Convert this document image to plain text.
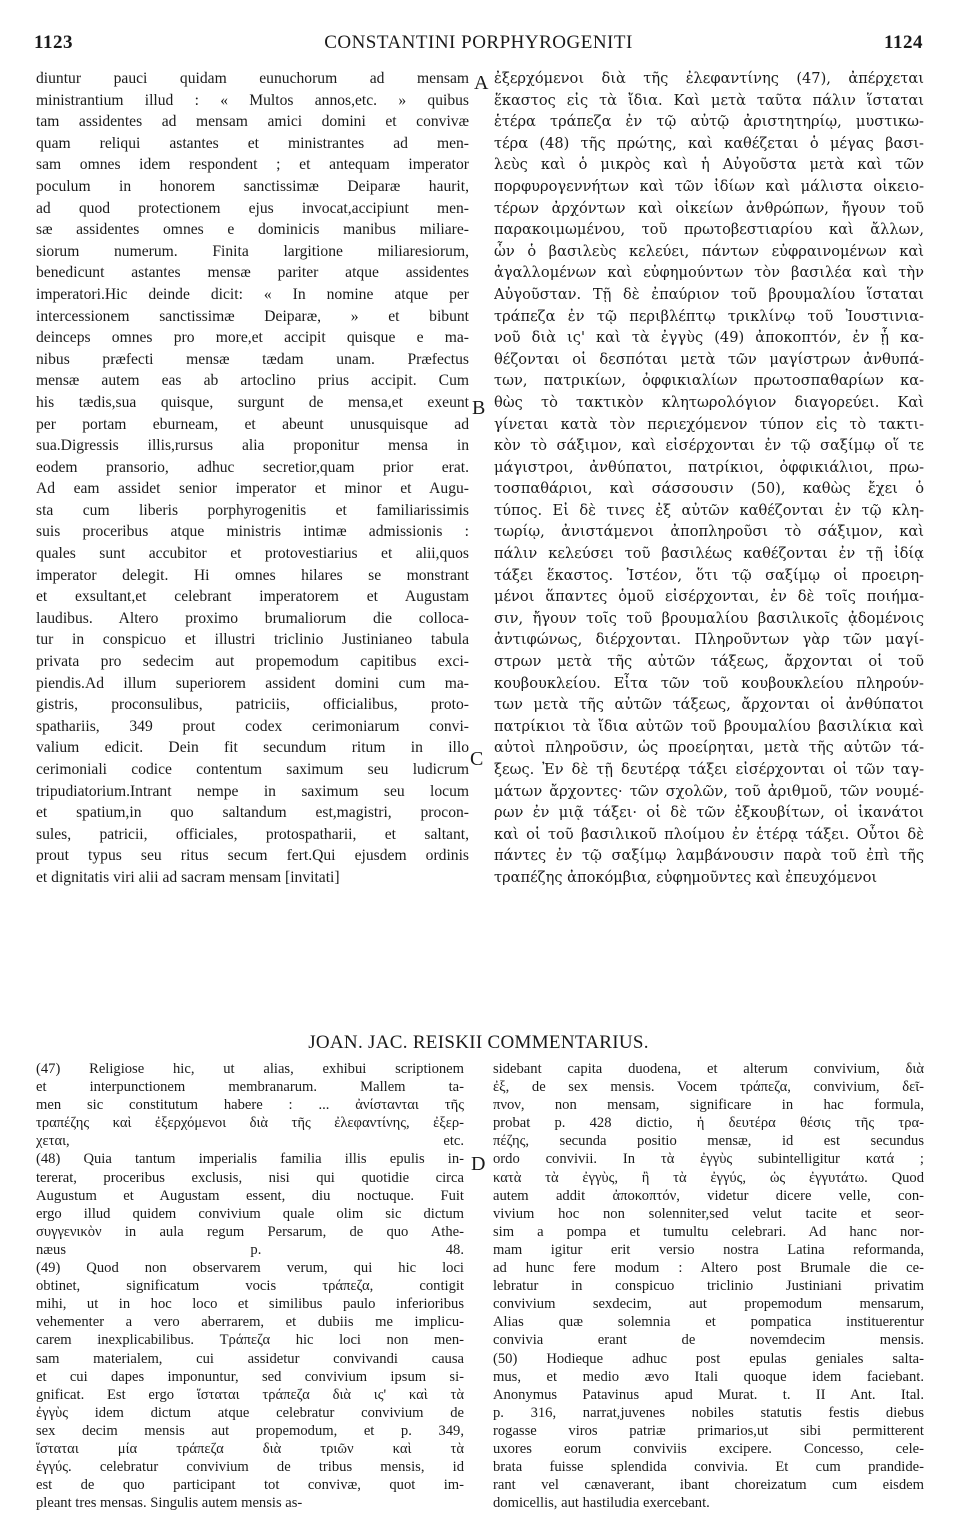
1123	CONSTANTINI PORPHYROGENITI	1124
diuntur pauci quidam eunuchorum ad mensam
ministrantium illud : « Multos annos,etc. » quibus
tam assidentes ad mensam amici domini et convivæ
quam reliqui astantes et ministrantes ad men-
sam omnes idem respondent ; et antequam imperator
poculum in honorem sanctissimæ Deiparæ haurit,
ad quod protectionem ejus invocat,accipiunt men-
sæ assidentes omnes e dominicis manibus miliare-
siorum numerum. Finita largitione miliaresiorum,
benedicunt astantes mensæ pariter atque assidentes
imperatori.Hic deinde dicit: « In nomine atque per
intercessionem sanctissimæ Deiparæ, » et bibunt
deinceps omnes pro more,et accipit quisque e ma-
nibus præfecti mensæ tædam unam. Præfectus
mensæ autem eas ab artoclino prius accipit. Cum
his tædis,sua quisque, surgunt de mensa,et exeunt
per portam eburneam, et abeunt unusquisque ad
sua.Digressis illis,rursus alia proponitur mensa in
eodem pransorio, adhuc secretior,quam prior erat.
Ad eam assidet senior imperator et minor et Augu-
sta cum liberis porphyrogenitis et familiarissimis
suis proceribus atque ministris intimæ admissionis :
quales sunt accubitor et protovestiarius et alii,quos
imperator delegit. Hi omnes hilares se monstrant
et exsultant,et celebrant imperatorem et Augustam
laudibus. Altero proximo brumaliorum die colloca-
tur in conspicuo et illustri triclinio Justinianeo tabula
privata pro sedecim aut propemodum capitibus exci-
piendis.Ad illum superiorem assident domini cum ma-
gistris, proconsulibus, patriciis, officialibus, proto-
spathariis, 349 prout codex cerimoniarum convi-
valium edicit. Dein fit secundum ritum in illo
cerimoniali codice contentum saximum seu ludicrum
tripudiatorium.Intrant nempe in saximum seu locum
et spatium,in quo saltandum est,magistri, procon-
sules, patricii, officiales, protospatharii, et saltant,
prout typus seu ritus secum fert.Qui ejusdem ordinis
et dignitatis viri alii ad sacram mensam [invitati]
ἐξερχόμενοι διὰ τῆς ἐλεφαντίνης (47), ἀπέρχεται
ἕκαστος εἰς τὰ ἴδια. Καὶ μετὰ ταῦτα πάλιν ἵσταται
ἑτέρα τράπεζα ἐν τῷ αὐτῷ ἀριστητηρίῳ, μυστικω-
τέρα (48) τῆς πρώτης, καὶ καθέζεται ὁ μέγας βασι-
λεὺς καὶ ὁ μικρὸς καὶ ἡ Αὐγοῦστα μετὰ καὶ τῶν
πορφυρογεννήτων καὶ τῶν ἰδίων καὶ μάλιστα οἰκειο-
τέρων ἀρχόντων καὶ οἰκείων ἀνθρώπων, ἤγουν τοῦ
παρακοιμωμένου, τοῦ πρωτοβεστιαρίου καὶ ἄλλων,
ὧν ὁ βασιλεὺς κελεύει, πάντων εὐφραινομένων καὶ
ἀγαλλομένων καὶ εὐφημούντων τὸν βασιλέα καὶ τὴν
Αὐγοῦσταν. Τῇ δὲ ἐπαύριον τοῦ βρουμαλίου ἵσταται
τράπεζα ἐν τῷ περιβλέπτῳ τρικλίνῳ τοῦ Ἰουστινια-
νοῦ διὰ ις' καὶ τὰ ἐγγὺς (49) ἀποκοπτόν, ἐν ᾗ κα-
θέζονται οἱ δεσπόται μετὰ τῶν μαγίστρων ἀνθυπά-
των, πατρικίων, ὀφφικιαλίων πρωτοσπαθαρίων κα-
θὼς τὸ τακτικὸν κλητωρολόγιον διαγορεύει. Καὶ
γίνεται κατὰ τὸν περιεχόμενον τύπον εἰς τὸ τακτι-
κὸν τὸ σάξιμον, καὶ εἰσέρχονται ἐν τῷ σαξίμῳ οἵ τε
μάγιστροι, ἀνθύπατοι, πατρίκιοι, ὀφφικιάλιοι, πρω-
τοσπαθάριοι, καὶ σάσσουσιν (50), καθὼς ἔχει ὁ
τύπος. Εἰ δὲ τινες ἐξ αὐτῶν καθέζονται ἐν τῷ κλη-
τωρίῳ, ἀνιστάμενοι ἀποπληροῦσι τὸ σάξιμον, καὶ
πάλιν κελεύσει τοῦ βασιλέως καθέζονται ἐν τῇ ἰδίᾳ
τάξει ἕκαστος. Ἰστέον, ὅτι τῷ σαξίμῳ οἱ προειρη-
μένοι ἅπαντες ὁμοῦ εἰσέρχονται, ἐν δὲ τοῖς ποιήμα-
σιν, ἤγουν τοῖς τοῦ βρουμαλίου βασιλικοῖς ᾀδομένοις
ἀντιφώνως, διέρχονται. Πληροῦντων γὰρ τῶν μαγί-
στρων μετὰ τῆς αὐτῶν τάξεως, ἄρχονται οἱ τοῦ
κουβουκλείου. Εἶτα τῶν τοῦ κουβουκλείου πληρούν-
των μετὰ τῆς αὐτῶν τάξεως, ἄρχονται οἱ ἀνθύπατοι
πατρίκιοι τὰ ἴδια αὐτῶν τοῦ βρουμαλίου βασιλίκια καὶ
αὐτοὶ πληροῦσιν, ὡς προείρηται, μετὰ τῆς αὐτῶν τά-
ξεως. Ἐν δὲ τῇ δευτέρᾳ τάξει εἰσέρχονται οἱ τῶν ταγ-
μάτων ἄρχοντες· τῶν σχολῶν, τοῦ ἀριθμοῦ, τῶν νουμέ-
ρων ἐν μιᾷ τάξει· οἱ δὲ τῶν ἐξκουβίτων, οἱ ἱκανάτοι
καὶ οἱ τοῦ βασιλικοῦ πλοίμου ἐν ἑτέρᾳ τάξει. Οὗτοι δὲ
πάντες ἐν τῷ σαξίμῳ λαμβάνουσιν παρὰ τοῦ ἐπὶ τῆς
τραπέζης ἀποκόμβια, εὐφημοῦντες καὶ ἐπευχόμενοι
A
B
C
D
JOAN. JAC. REISKII COMMENTARIUS.
(47) Religiose hic, ut alias, exhibui scriptionem
et interpunctionem membranarum. Mallem ta-
men sic constitutum habere : ... ἀνίστανται τῆς
τραπέζης καὶ ἐξερχόμενοι διὰ τῆς ἐλεφαντίνης, ἐξερ-
χεται, etc.
(48) Quia tantum imperialis familia illis epulis in-
tererat, proceribus exclusis, nisi qui quotidie circa
Augustum et Augustam essent, diu noctuque. Fuit
ergo illud quidem convivium quale olim sic dictum
συγγενικὸν in aula regum Persarum, de quo Athe-
næus p. 48.
(49) Quod non observarem verum, qui hic loci
obtinet, significatum vocis τράπεζα, contigit
mihi, ut in hoc loco et similibus paulo inferioribus
vehementer a vero aberrarem, et dubiis me implicu-
carem inexplicabilibus. Τράπεζα hic loci non men-
sam materialem, cui assidetur convivandi causa
et cui dapes imponuntur, sed convivium ipsum si-
gnificat. Est ergo ἵσταται τράπεζα διὰ ις' καὶ τὰ
ἐγγὺς idem dictum atque celebratur convivium de
sex decim mensis aut propemodum, et p. 349,
ἵσταται μία τράπεζα διὰ τριῶν καὶ τὰ
ἐγγύς. celebratur convivium de tribus mensis, id
est de quo participant tot convivæ, quot im-
pleant tres mensas. Singulis autem mensis as-
sidebant capita duodena, et alterum convivium, διὰ
ἐξ, de sex mensis. Vocem τράπεζα, convivium, δεῖ-
πνον, non mensam, significare in hac formula,
probat p. 428 dictio, ἡ δευτέρα θέσις τῆς τρα-
πέζης, secunda positio mensæ, id est secundus
ordo convivii. In τὰ ἐγγὺς subintelligitur κατά ;
κατὰ τὰ ἐγγὺς, ἢ τὰ ἐγγύς, ὡς ἐγγυτάτω. Quod
autem addit ἀποκοπτόν, videtur dicere velle, con-
vivium hoc non solenniter,sed velut tacite et seor-
sim a pompa et tumultu celebrari. Ad hanc nor-
mam igitur erit versio nostra Latina reformanda,
ad hunc fere modum : Altero post Brumale die ce-
lebratur in conspicuo triclinio Justiniani privatim
convivium sexdecim, aut propemodum mensarum,
Alias quæ solemnia et pompatica instituerentur
convivia erant de novemdecim mensis.
(50) Hodieque adhuc post epulas geniales salta-
mus, et medio ævo Itali quoque idem faciebant.
Anonymus Patavinus apud Murat. t. II Ant. Ital.
p. 316, narrat,juvenes nobiles statutis festis diebus
rogasse viros patriæ primarios,ut sibi permitterent
uxores eorum conviviis excipere. Concesso, cele-
brata fuisse splendida convivia. Et cum prandide-
rant vel cænaverant, ibant choreizatum cum eisdem
domicellis, aut hastiludia exercebant.
